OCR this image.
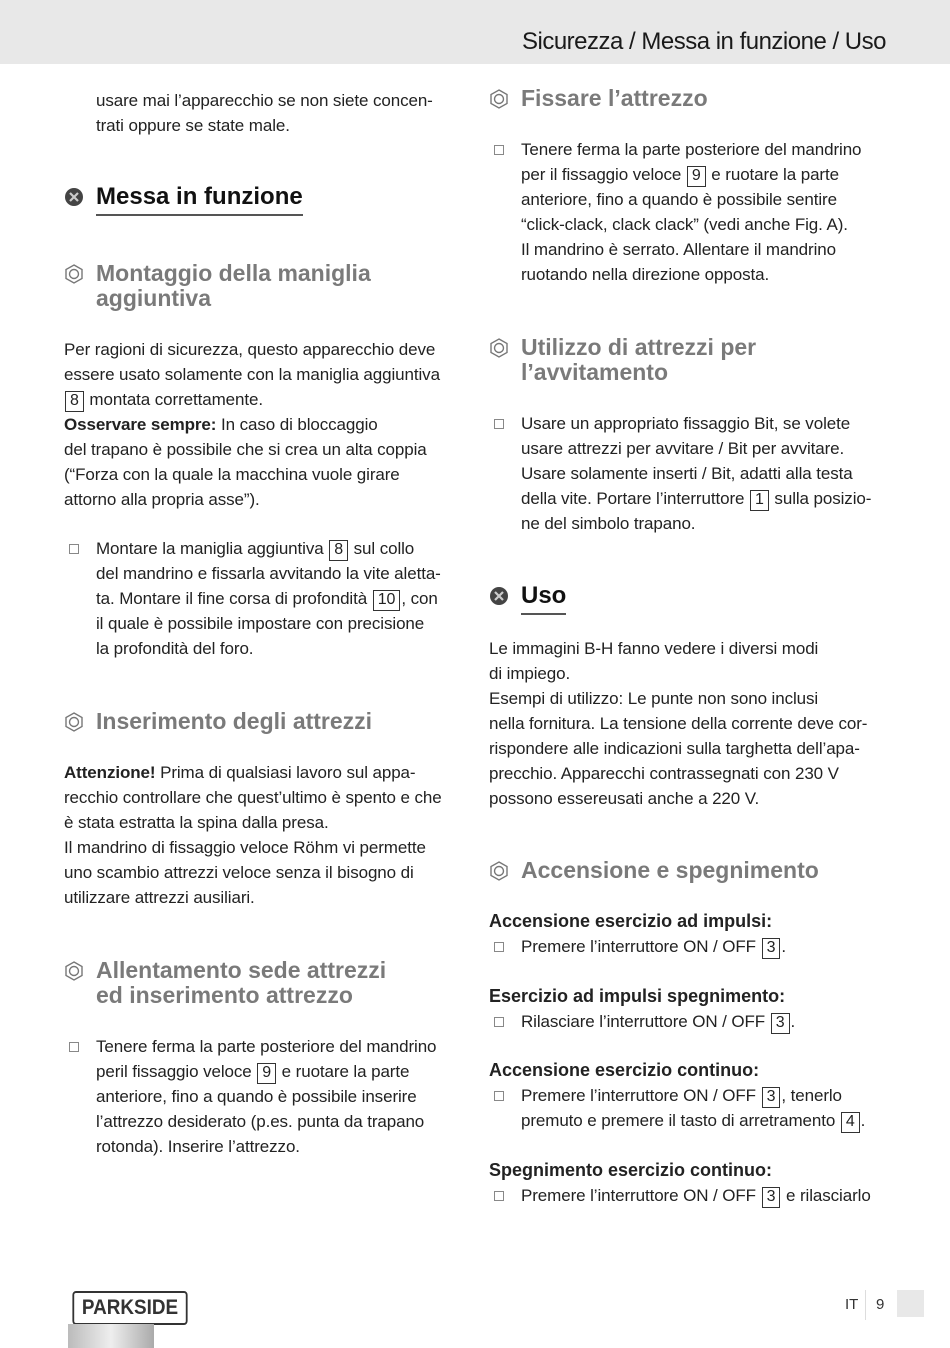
Sicurezza / Messa in funzione / Uso
usare mai l’apparecchio se non siete concen-
trati oppure se state male.
Messa in funzione
Montaggio della maniglia
aggiuntiva
Per ragioni di sicurezza, questo apparecchio deve
essere usato solamente con la maniglia aggiuntiva
8 montata correttamente.
Osservare sempre: In caso di bloccaggio
del trapano è possibile che si crea un alta coppia
(“Forza con la quale la macchina vuole girare
attorno alla propria asse”).
Montare la maniglia aggiuntiva 8 sul collo
del mandrino e fissarla avvitando la vite aletta-
ta. Montare il fine corsa di profondità 10 , con
il quale è possibile impostare con precisione
la profondità del foro.
Inserimento degli attrezzi
Attenzione! Prima di qualsiasi lavoro sul appa-
recchio controllare che quest’ultimo è spento e che
è stata estratta la spina dalla presa.
Il mandrino di fissaggio veloce Röhm vi permette
uno scambio attrezzi veloce senza il bisogno di
utilizzare attrezzi ausiliari.
Allentamento sede attrezzi
ed inserimento attrezzo
Tenere ferma la parte posteriore del mandrino
peril fissaggio veloce 9 e ruotare la parte
anteriore, fino a quando è possibile inserire
l’attrezzo desiderato (p.es. punta da trapano
rotonda). Inserire l’attrezzo.
Fissare l’attrezzo
Tenere ferma la parte posteriore del mandrino
per il fissaggio veloce 9 e ruotare la parte
anteriore, fino a quando è possibile sentire
“click-clack, clack clack” (vedi anche Fig. A).
Il mandrino è serrato. Allentare il mandrino
ruotando nella direzione opposta.
Utilizzo di attrezzi per
l’avvitamento
Usare un appropriato fissaggio Bit, se volete
usare attrezzi per avvitare / Bit per avvitare.
Usare solamente inserti / Bit, adatti alla testa
della vite. Portare l’interruttore 1 sulla posizio-
ne del simbolo trapano.
Uso
Le immagini B-H fanno vedere i diversi modi
di impiego.
Esempi di utilizzo: Le punte non sono inclusi
nella fornitura. La tensione della corrente deve cor-
rispondere alle indicazioni sulla targhetta dell’apa-
precchio. Apparecchi contrassegnati con 230 V
possono essereusati anche a 220 V.
Accensione e spegnimento
Accensione esercizio ad impulsi:
Premere l’interruttore ON / OFF 3 .
Esercizio ad impulsi spegnimento:
Rilasciare l’interruttore ON / OFF 3 .
Accensione esercizio continuo:
Premere l’interruttore ON / OFF 3 , tenerlo
premuto e premere il tasto di arretramento 4 .
Spegnimento esercizio continuo:
Premere l’interruttore ON / OFF 3 e rilasciarlo
PARKSIDE	IT 9
